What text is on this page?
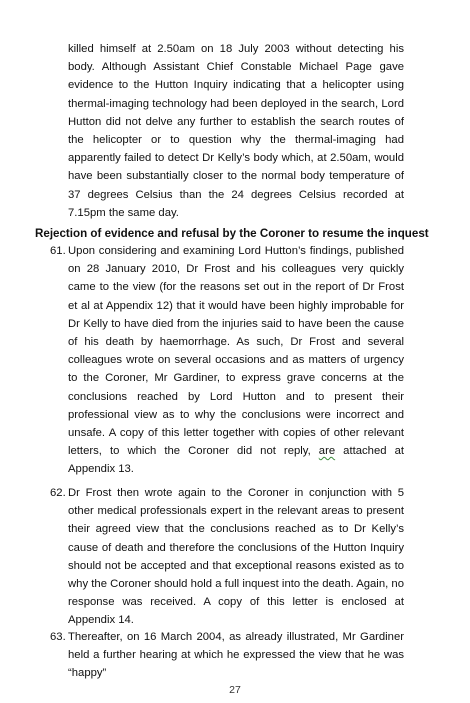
killed himself at 2.50am on 18 July 2003 without detecting his body. Although Assistant Chief Constable Michael Page gave evidence to the Hutton Inquiry indicating that a helicopter using thermal-imaging technology had been deployed in the search, Lord Hutton did not delve any further to establish the search routes of the helicopter or to question why the thermal-imaging had apparently failed to detect Dr Kelly’s body which, at 2.50am, would have been substantially closer to the normal body temperature of 37 degrees Celsius than the 24 degrees Celsius recorded at 7.15pm the same day.

Rejection of evidence and refusal by the Coroner to resume the inquest

61. Upon considering and examining Lord Hutton’s findings, published on 28 January 2010, Dr Frost and his colleagues very quickly came to the view (for the reasons set out in the report of Dr Frost et al at Appendix 12) that it would have been highly improbable for Dr Kelly to have died from the injuries said to have been the cause of his death by haemorrhage. As such, Dr Frost and several colleagues wrote on several occasions and as matters of urgency to the Coroner, Mr Gardiner, to express grave concerns at the conclusions reached by Lord Hutton and to present their professional view as to why the conclusions were incorrect and unsafe. A copy of this letter together with copies of other relevant letters, to which the Coroner did not reply, are attached at Appendix 13.

62. Dr Frost then wrote again to the Coroner in conjunction with 5 other medical professionals expert in the relevant areas to present their agreed view that the conclusions reached as to Dr Kelly’s cause of death and therefore the conclusions of the Hutton Inquiry should not be accepted and that exceptional reasons existed as to why the Coroner should hold a full inquest into the death. Again, no response was received. A copy of this letter is enclosed at Appendix 14.

63. Thereafter, on 16 March 2004, as already illustrated, Mr Gardiner held a further hearing at which he expressed the view that he was “happy”

27
